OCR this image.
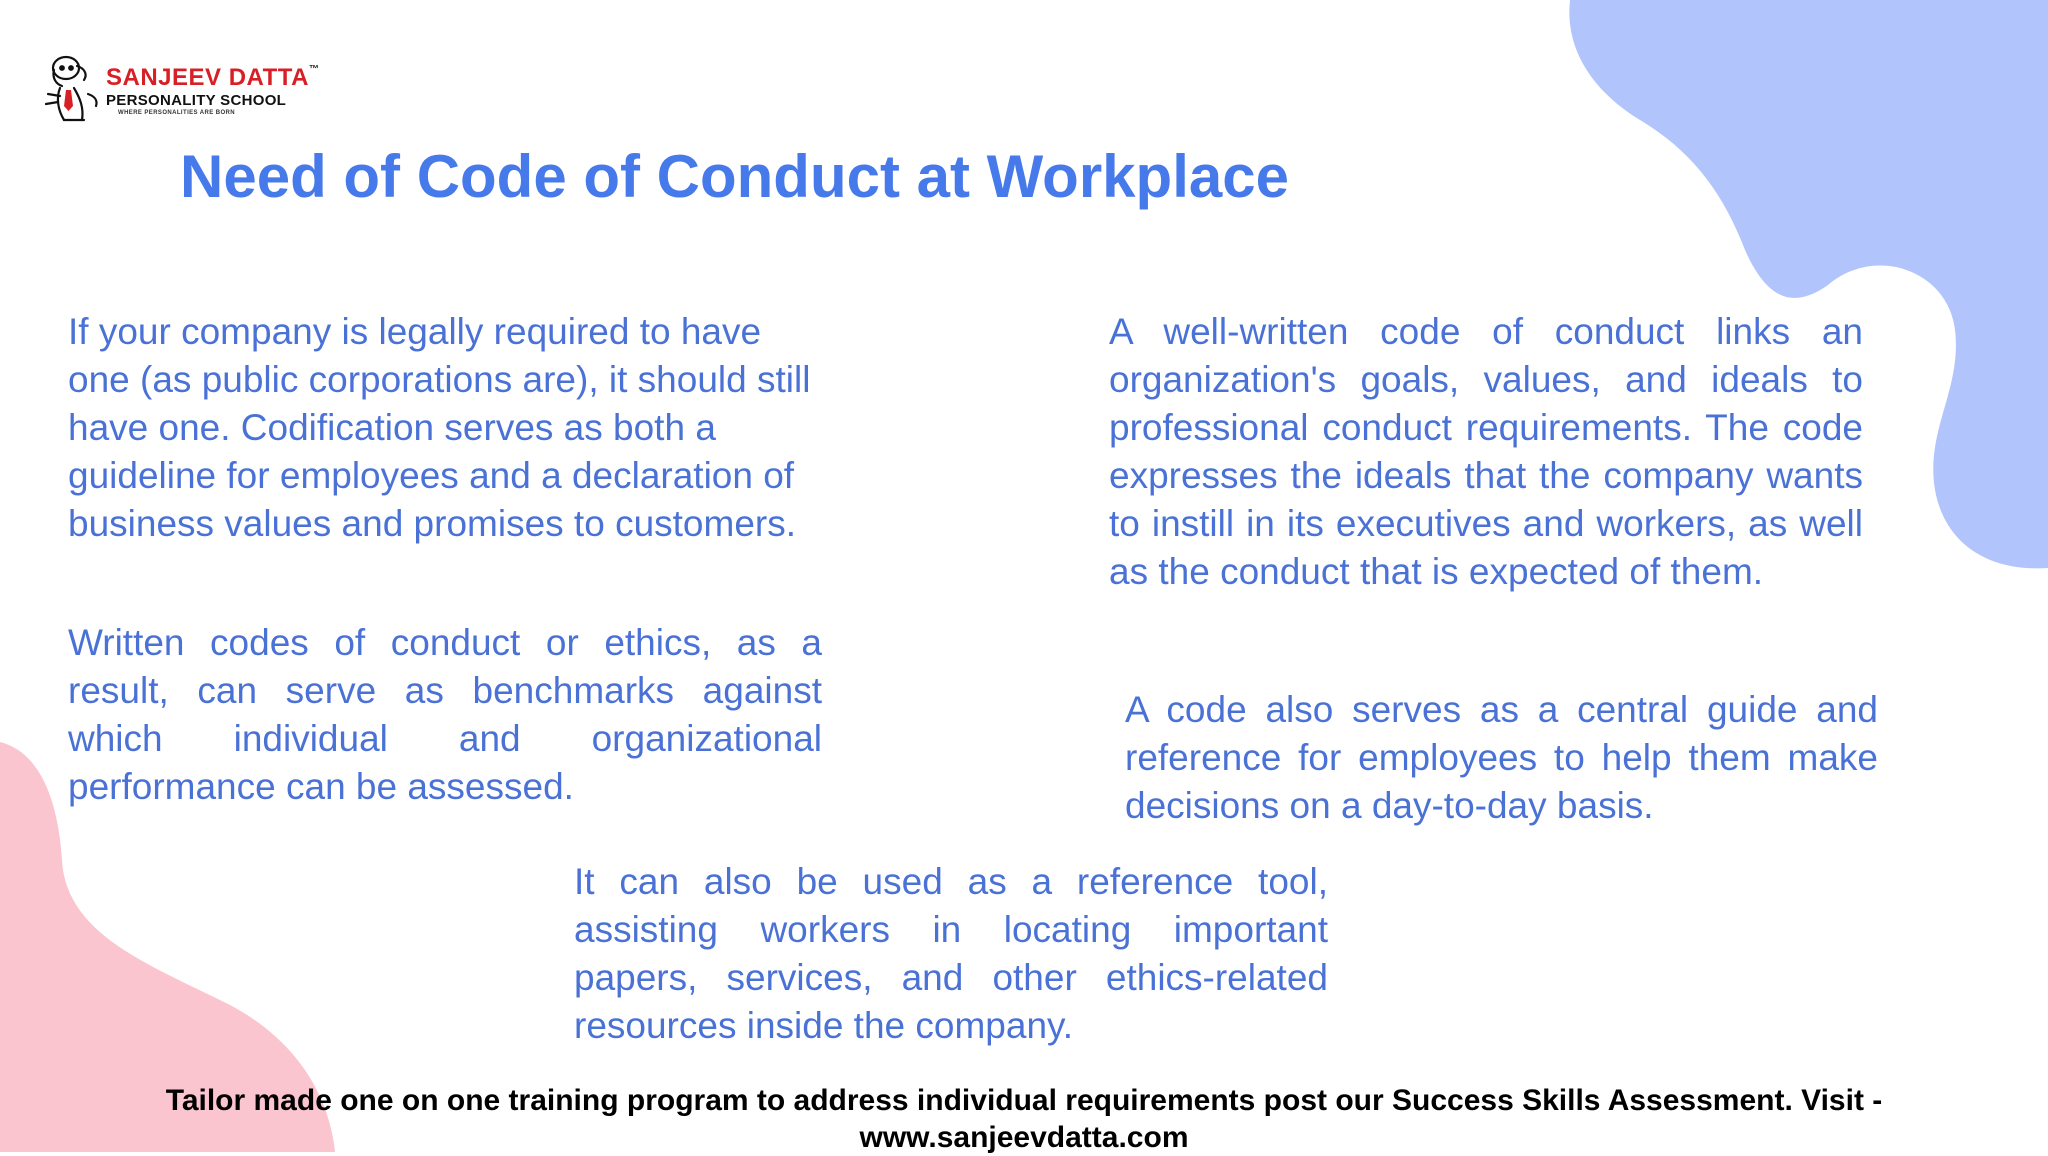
SANJEEV DATTA™
PERSONALITY SCHOOL
WHERE PERSONALITIES ARE BORN
Need of Code of Conduct at Workplace

If your company is legally required to have one (as public corporations are), it should still have one. Codification serves as both a guideline for employees and a declaration of business values and promises to customers.

Written codes of conduct or ethics, as a result, can serve as benchmarks against which individual and organizational performance can be assessed.

A well-written code of conduct links an organization's goals, values, and ideals to professional conduct requirements. The code expresses the ideals that the company wants to instill in its executives and workers, as well as the conduct that is expected of them.

A code also serves as a central guide and reference for employees to help them make decisions on a day-to-day basis.

It can also be used as a reference tool, assisting workers in locating important papers, services, and other ethics-related resources inside the company.

Tailor made one on one training program to address individual requirements post our Success Skills Assessment. Visit -
www.sanjeevdatta.com
